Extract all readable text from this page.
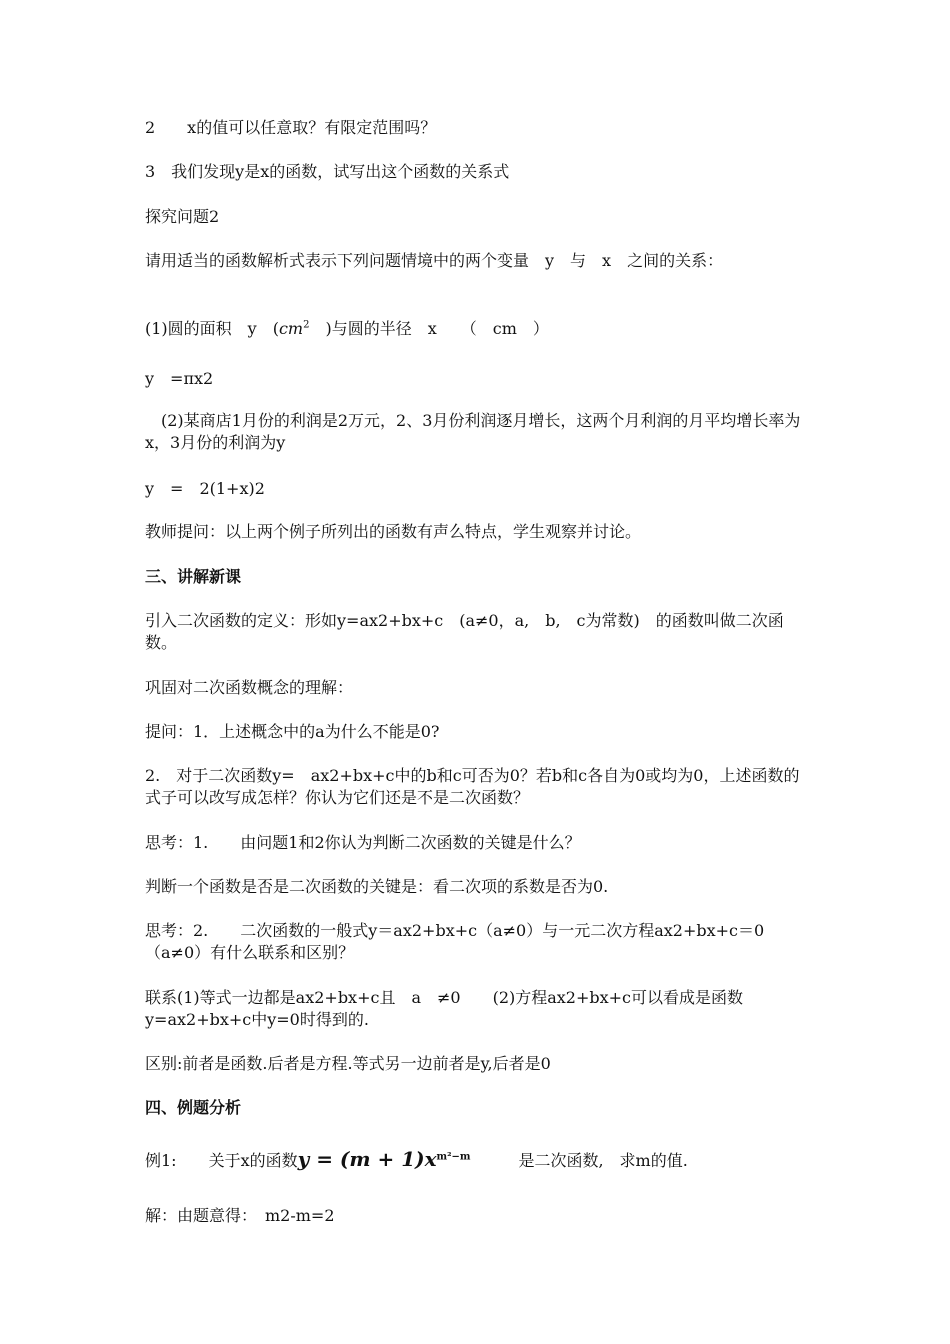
2　　x的值可以任意取？有限定范围吗？

3　我们发现y是x的函数，试写出这个函数的关系式

探究问题2

请用适当的函数解析式表示下列问题情境中的两个变量　y　与　x　之间的关系：

(1)圆的面积　y　($cm^2$　)与圆的半径　x　　（　cm　）

y　=πx2

　(2)某商店1月份的利润是2万元，2、3月份利润逐月增长，这两个月利润的月平均增长率为x，3月份的利润为y

y　=　2(1+x)2

教师提问：以上两个例子所列出的函数有声么特点，学生观察并讨论。

三、讲解新课

引入二次函数的定义：形如y=ax2+bx+c　(a≠0，a,　b,　c为常数)　的函数叫做二次函数。

巩固对二次函数概念的理解：

提问：1．上述概念中的a为什么不能是0?

2.　对于二次函数y=　ax2+bx+c中的b和c可否为0？若b和c各自为0或均为0，上述函数的式子可以改写成怎样？你认为它们还是不是二次函数？

思考：1.　　由问题1和2你认为判断二次函数的关键是什么？

判断一个函数是否是二次函数的关键是：看二次项的系数是否为0.

思考：2.　　二次函数的一般式y＝ax2+bx+c（a≠0）与一元二次方程ax2+bx+c＝0（a≠0）有什么联系和区别？

联系(1)等式一边都是ax2+bx+c且　a　≠0　　(2)方程ax2+bx+c可以看成是函数y=ax2+bx+c中y=0时得到的.

区别:前者是函数.后者是方程.等式另一边前者是y,后者是0

四、例题分析

例1:　　关于x的函数$y = (m + 1)x^{m^2-m}$　　　是二次函数,　求m的值.

解：由题意得：　m2-m=2
